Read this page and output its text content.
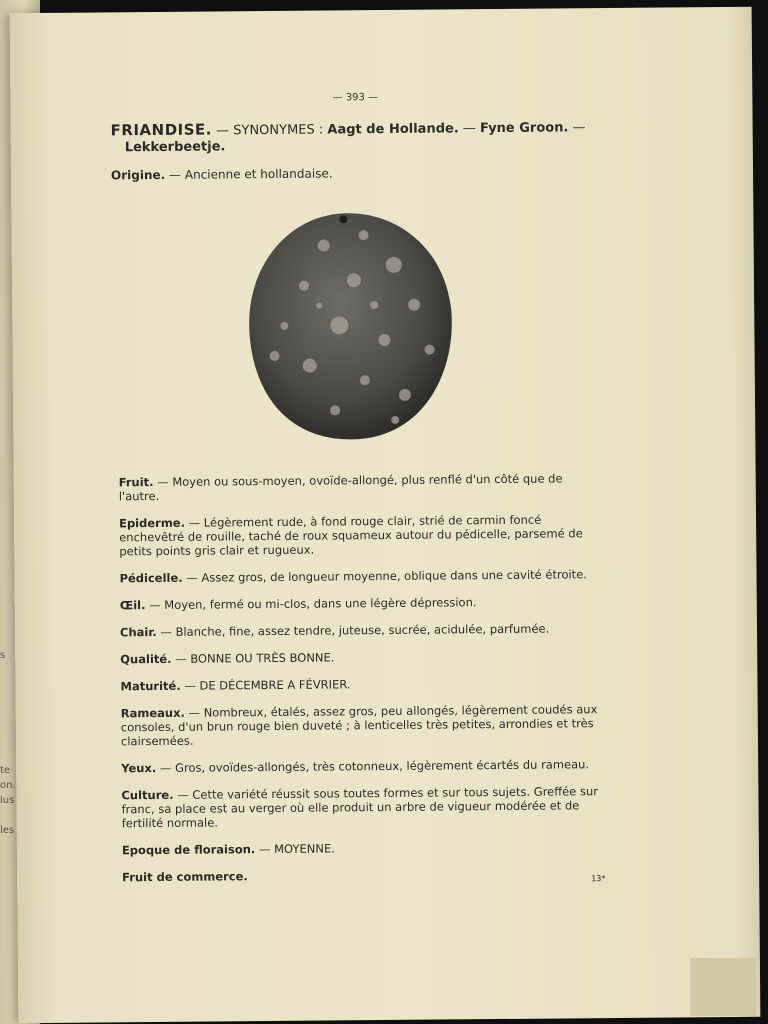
s
te
on.
lus
les
— 393 —
FRIANDISE. — SYNONYMES : Aagt de Hollande. — Fyne Groon. —
Lekkerbeetje.
Origine. — Ancienne et hollandaise.
Fruit. — Moyen ou sous-moyen, ovoïde-allongé, plus renflé d'un côté que de l'autre.
Epiderme. — Légèrement rude, à fond rouge clair, strié de carmin foncé enchevêtré de rouille, taché de roux squameux autour du pédicelle, parsemé de petits points gris clair et rugueux.
Pédicelle. — Assez gros, de longueur moyenne, oblique dans une cavité étroite.
Œil. — Moyen, fermé ou mi-clos, dans une légère dépression.
Chair. — Blanche, fine, assez tendre, juteuse, sucrée, acidulée, parfumée.
Qualité. — BONNE OU TRÈS BONNE.
Maturité. — DE DÉCEMBRE A FÉVRIER.
Rameaux. — Nombreux, étalés, assez gros, peu allongés, légèrement coudés aux consoles, d'un brun rouge bien duveté ; à lenticelles très petites, arrondies et très clairsemées.
Yeux. — Gros, ovoïdes-allongés, très cotonneux, légèrement écartés du rameau.
Culture. — Cette variété réussit sous toutes formes et sur tous sujets. Greffée sur franc, sa place est au verger où elle produit un arbre de vigueur modérée et de fertilité normale.
Epoque de floraison. — MOYENNE.
Fruit de commerce.	13*
